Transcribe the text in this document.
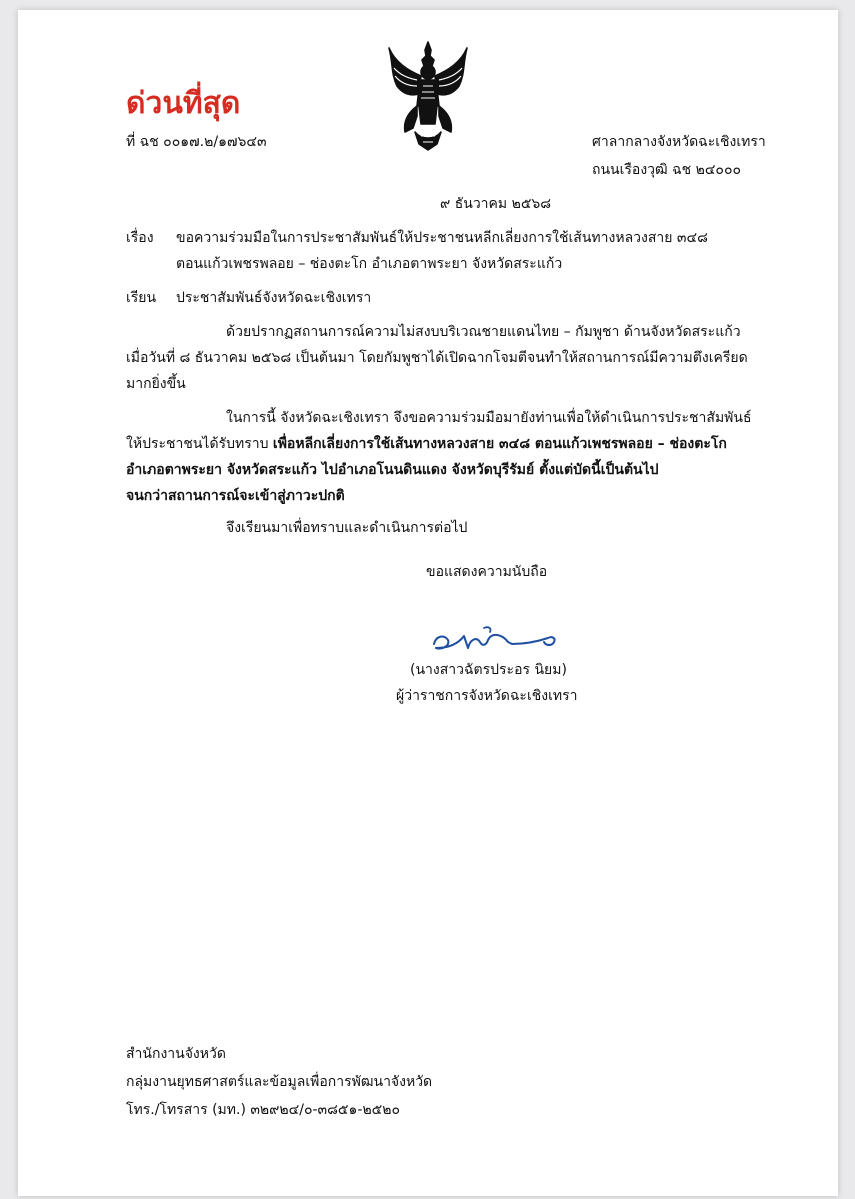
ด่วนที่สุด
ที่ ฉช ๐๐๑๗.๒/๑๗๖๔๓	ศาลากลางจังหวัดฉะเชิงเทรา
ถนนเรืองวุฒิ ฉช ๒๔๐๐๐
๙ ธันวาคม ๒๕๖๘
เรื่อง ขอความร่วมมือในการประชาสัมพันธ์ให้ประชาชนหลีกเลี่ยงการใช้เส้นทางหลวงสาย ๓๔๘
ตอนแก้วเพชรพลอย – ช่องตะโก อำเภอตาพระยา จังหวัดสระแก้ว
เรียน ประชาสัมพันธ์จังหวัดฉะเชิงเทรา
ด้วยปรากฏสถานการณ์ความไม่สงบบริเวณชายแดนไทย – กัมพูชา ด้านจังหวัดสระแก้ว
เมื่อวันที่ ๘ ธันวาคม ๒๕๖๘ เป็นต้นมา โดยกัมพูชาได้เปิดฉากโจมตีจนทำให้สถานการณ์มีความตึงเครียด
มากยิ่งขึ้น
ในการนี้ จังหวัดฉะเชิงเทรา จึงขอความร่วมมือมายังท่านเพื่อให้ดำเนินการประชาสัมพันธ์
ให้ประชาชนได้รับทราบ เพื่อหลีกเลี่ยงการใช้เส้นทางหลวงสาย ๓๔๘ ตอนแก้วเพชรพลอย – ช่องตะโก
อำเภอตาพระยา จังหวัดสระแก้ว ไปอำเภอโนนดินแดง จังหวัดบุรีรัมย์ ตั้งแต่บัดนี้เป็นต้นไป
จนกว่าสถานการณ์จะเข้าสู่ภาวะปกติ
จึงเรียนมาเพื่อทราบและดำเนินการต่อไป
ขอแสดงความนับถือ
(นางสาวฉัตรประอร นิยม)
ผู้ว่าราชการจังหวัดฉะเชิงเทรา
สำนักงานจังหวัด
กลุ่มงานยุทธศาสตร์และข้อมูลเพื่อการพัฒนาจังหวัด
โทร./โทรสาร (มท.) ๓๒๙๒๔/๐-๓๘๕๑-๒๕๒๐
